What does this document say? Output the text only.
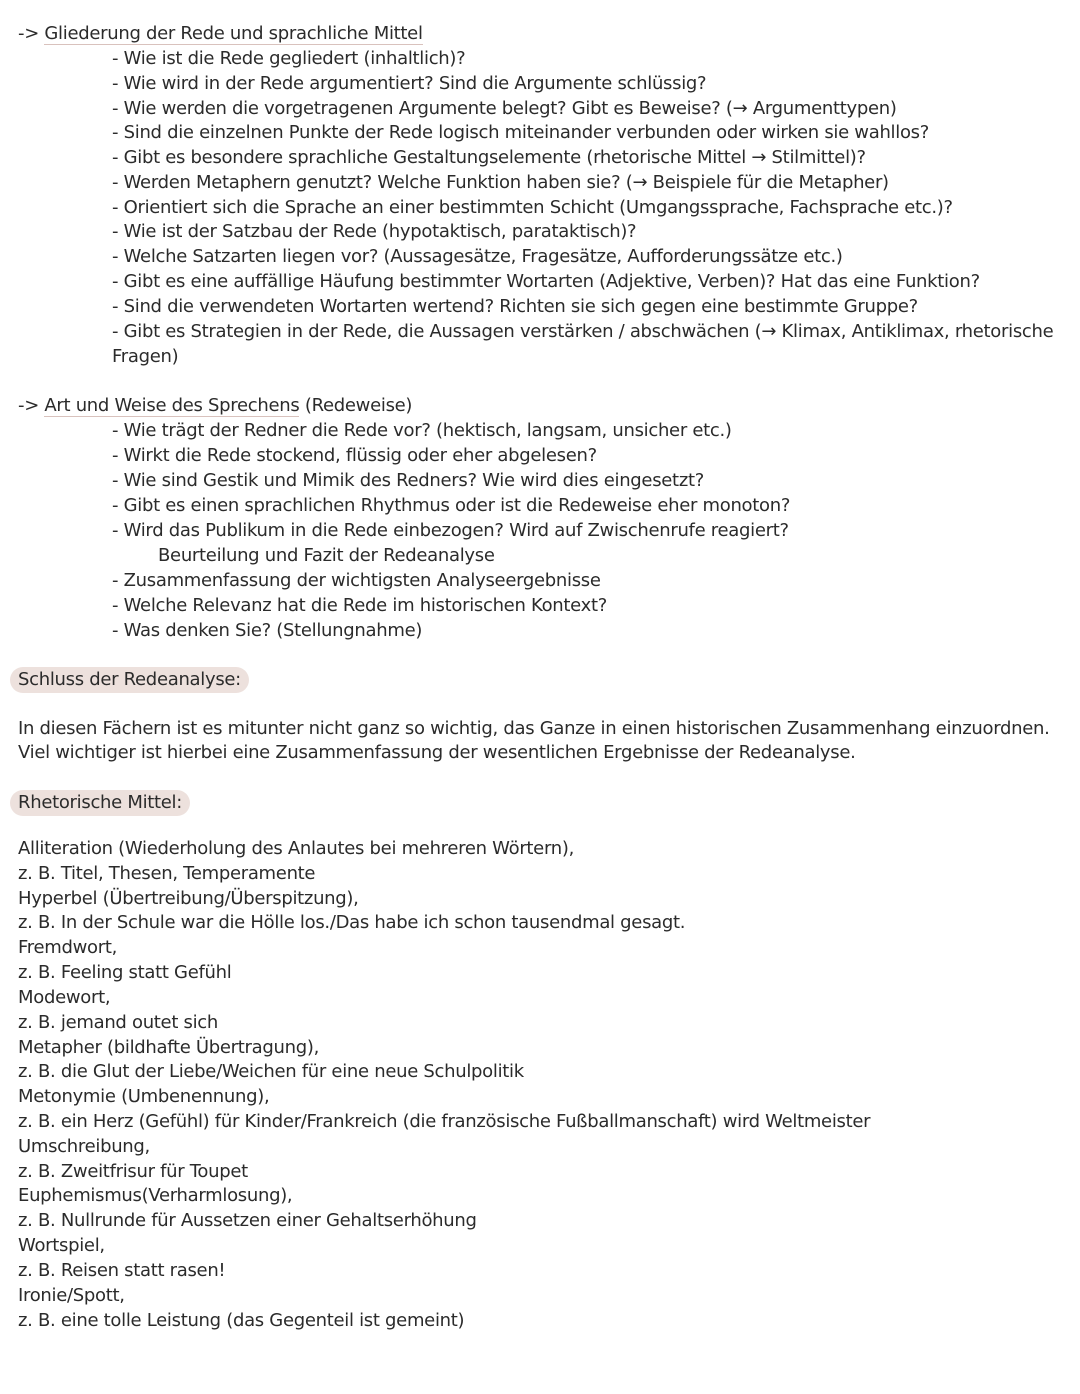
-> Gliederung der Rede und sprachliche Mittel
- Wie ist die Rede gegliedert (inhaltlich)?
- Wie wird in der Rede argumentiert? Sind die Argumente schlüssig?
- Wie werden die vorgetragenen Argumente belegt? Gibt es Beweise? (→ Argumenttypen)
- Sind die einzelnen Punkte der Rede logisch miteinander verbunden oder wirken sie wahllos?
- Gibt es besondere sprachliche Gestaltungselemente (rhetorische Mittel → Stilmittel)?
- Werden Metaphern genutzt? Welche Funktion haben sie? (→ Beispiele für die Metapher)
- Orientiert sich die Sprache an einer bestimmten Schicht (Umgangssprache, Fachsprache etc.)?
- Wie ist der Satzbau der Rede (hypotaktisch, parataktisch)?
- Welche Satzarten liegen vor? (Aussagesätze, Fragesätze, Aufforderungssätze etc.)
- Gibt es eine auffällige Häufung bestimmter Wortarten (Adjektive, Verben)? Hat das eine Funktion?
- Sind die verwendeten Wortarten wertend? Richten sie sich gegen eine bestimmte Gruppe?
- Gibt es Strategien in der Rede, die Aussagen verstärken / abschwächen (→ Klimax, Antiklimax, rhetorische
Fragen)
-> Art und Weise des Sprechens (Redeweise)
- Wie trägt der Redner die Rede vor? (hektisch, langsam, unsicher etc.)
- Wirkt die Rede stockend, flüssig oder eher abgelesen?
- Wie sind Gestik und Mimik des Redners? Wie wird dies eingesetzt?
- Gibt es einen sprachlichen Rhythmus oder ist die Redeweise eher monoton?
- Wird das Publikum in die Rede einbezogen? Wird auf Zwischenrufe reagiert?
Beurteilung und Fazit der Redeanalyse
- Zusammenfassung der wichtigsten Analyseergebnisse
- Welche Relevanz hat die Rede im historischen Kontext?
- Was denken Sie? (Stellungnahme)
Schluss der Redeanalyse:
In diesen Fächern ist es mitunter nicht ganz so wichtig, das Ganze in einen historischen Zusammenhang einzuordnen.
Viel wichtiger ist hierbei eine Zusammenfassung der wesentlichen Ergebnisse der Redeanalyse.
Rhetorische Mittel:
Alliteration (Wiederholung des Anlautes bei mehreren Wörtern),
z. B. Titel, Thesen, Temperamente
Hyperbel (Übertreibung/Überspitzung),
z. B. In der Schule war die Hölle los./Das habe ich schon tausendmal gesagt.
Fremdwort,
z. B. Feeling statt Gefühl
Modewort,
z. B. jemand outet sich
Metapher (bildhafte Übertragung),
z. B. die Glut der Liebe/Weichen für eine neue Schulpolitik
Metonymie (Umbenennung),
z. B. ein Herz (Gefühl) für Kinder/Frankreich (die französische Fußballmanschaft) wird Weltmeister
Umschreibung,
z. B. Zweitfrisur für Toupet
Euphemismus(Verharmlosung),
z. B. Nullrunde für Aussetzen einer Gehaltserhöhung
Wortspiel,
z. B. Reisen statt rasen!
Ironie/Spott,
z. B. eine tolle Leistung (das Gegenteil ist gemeint)
